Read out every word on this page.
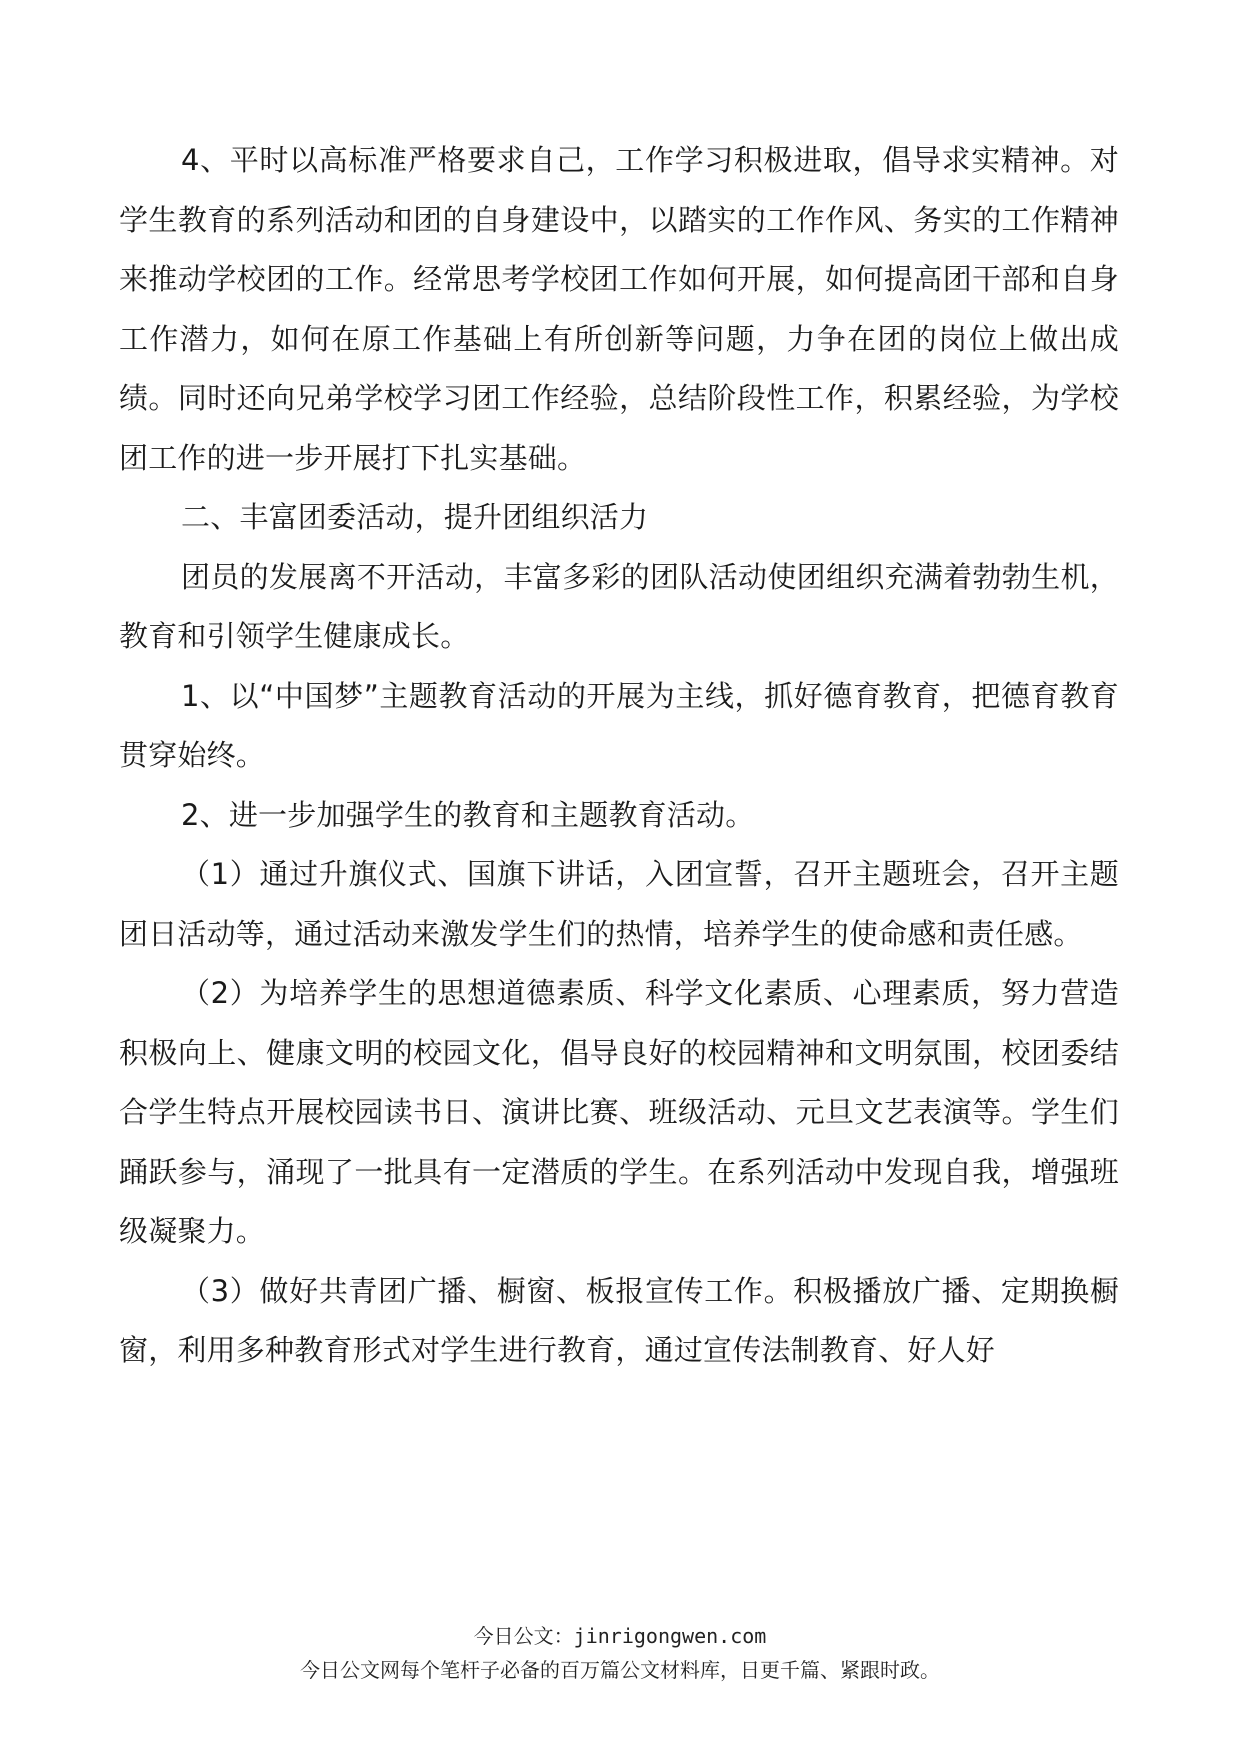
4、平时以高标准严格要求自己，工作学习积极进取，倡导求实精神。对学生教育的系列活动和团的自身建设中，以踏实的工作作风、务实的工作精神来推动学校团的工作。经常思考学校团工作如何开展，如何提高团干部和自身工作潜力，如何在原工作基础上有所创新等问题，力争在团的岗位上做出成绩。同时还向兄弟学校学习团工作经验，总结阶段性工作，积累经验，为学校团工作的进一步开展打下扎实基础。

二、丰富团委活动，提升团组织活力

团员的发展离不开活动，丰富多彩的团队活动使团组织充满着勃勃生机，教育和引领学生健康成长。

1、以“中国梦”主题教育活动的开展为主线，抓好德育教育，把德育教育贯穿始终。

2、进一步加强学生的教育和主题教育活动。

（1）通过升旗仪式、国旗下讲话，入团宣誓，召开主题班会，召开主题团日活动等，通过活动来激发学生们的热情，培养学生的使命感和责任感。

（2）为培养学生的思想道德素质、科学文化素质、心理素质，努力营造积极向上、健康文明的校园文化，倡导良好的校园精神和文明氛围，校团委结合学生特点开展校园读书日、演讲比赛、班级活动、元旦文艺表演等。学生们踊跃参与，涌现了一批具有一定潜质的学生。在系列活动中发现自我，增强班级凝聚力。

（3）做好共青团广播、橱窗、板报宣传工作。积极播放广播、定期换橱窗，利用多种教育形式对学生进行教育，通过宣传法制教育、好人好

今日公文：jinrigongwen.com
今日公文网每个笔杆子必备的百万篇公文材料库，日更千篇、紧跟时政。
